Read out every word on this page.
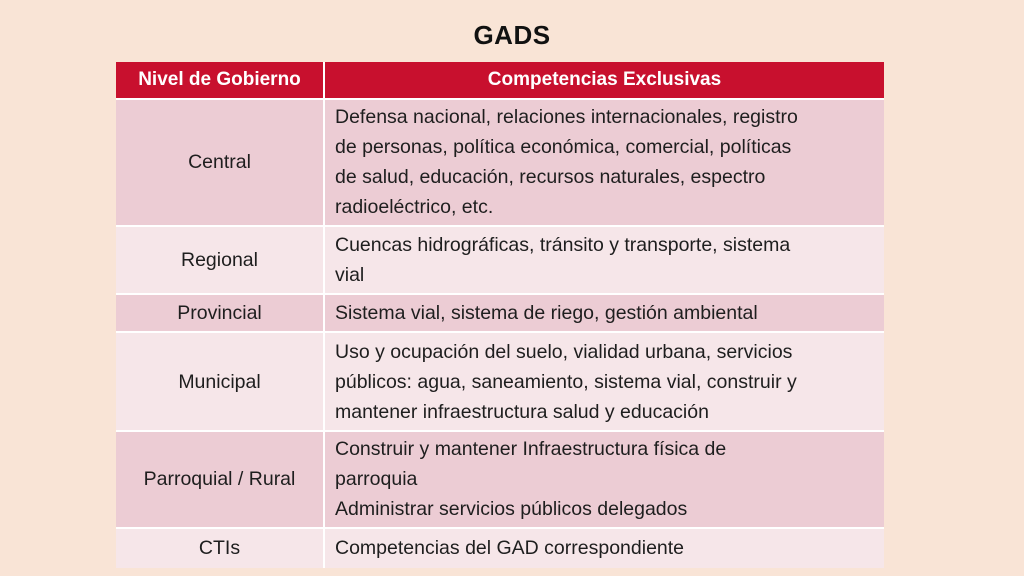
GADS
Nivel de Gobierno	Competencias Exclusivas
Central	Defensa nacional, relaciones internacionales, registro
de personas, política económica, comercial, políticas
de salud, educación, recursos naturales, espectro
radioeléctrico, etc.

Regional	Cuencas hidrográficas, tránsito y transporte, sistema
vial

Provincial	Sistema vial, sistema de riego, gestión ambiental

Municipal	Uso y ocupación del suelo, vialidad urbana, servicios
públicos: agua, saneamiento, sistema vial, construir y
mantener infraestructura salud y educación

Parroquial / Rural	Construir y mantener Infraestructura física de
parroquia
Administrar servicios públicos delegados

CTIs	Competencias del GAD correspondiente
